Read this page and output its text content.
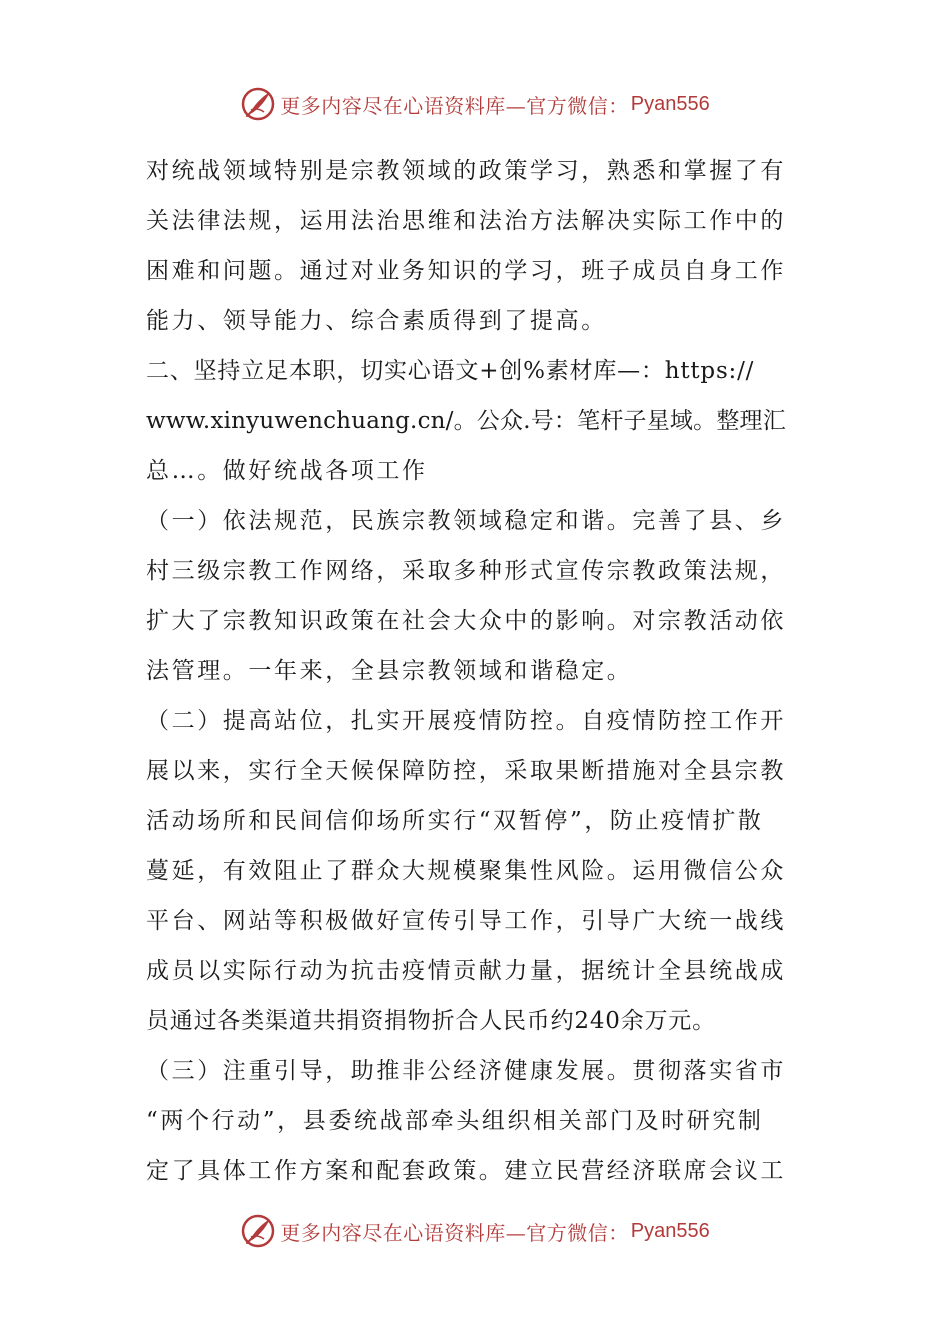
更多内容尽在心语资料库—官方微信： Pyan556
对统战领域特别是宗教领域的政策学习，熟悉和掌握了有
关法律法规，运用法治思维和法治方法解决实际工作中的
困难和问题。通过对业务知识的学习，班子成员自身工作
能力、领导能力、综合素质得到了提高。
二、坚持立足本职，切实心语文+创%素材库—：https://
www.xinyuwenchuang.cn/。公众.号：笔杆子星域。整理汇
总…。做好统战各项工作
（一）依法规范，民族宗教领域稳定和谐。完善了县、乡
村三级宗教工作网络，采取多种形式宣传宗教政策法规，
扩大了宗教知识政策在社会大众中的影响。对宗教活动依
法管理。一年来，全县宗教领域和谐稳定。
（二）提高站位，扎实开展疫情防控。自疫情防控工作开
展以来，实行全天候保障防控，采取果断措施对全县宗教
活动场所和民间信仰场所实行“双暂停”，防止疫情扩散
蔓延，有效阻止了群众大规模聚集性风险。运用微信公众
平台、网站等积极做好宣传引导工作，引导广大统一战线
成员以实际行动为抗击疫情贡献力量，据统计全县统战成
员通过各类渠道共捐资捐物折合人民币约240余万元。
（三）注重引导，助推非公经济健康发展。贯彻落实省市
“两个行动”，县委统战部牵头组织相关部门及时研究制
定了具体工作方案和配套政策。建立民营经济联席会议工
更多内容尽在心语资料库—官方微信： Pyan556
